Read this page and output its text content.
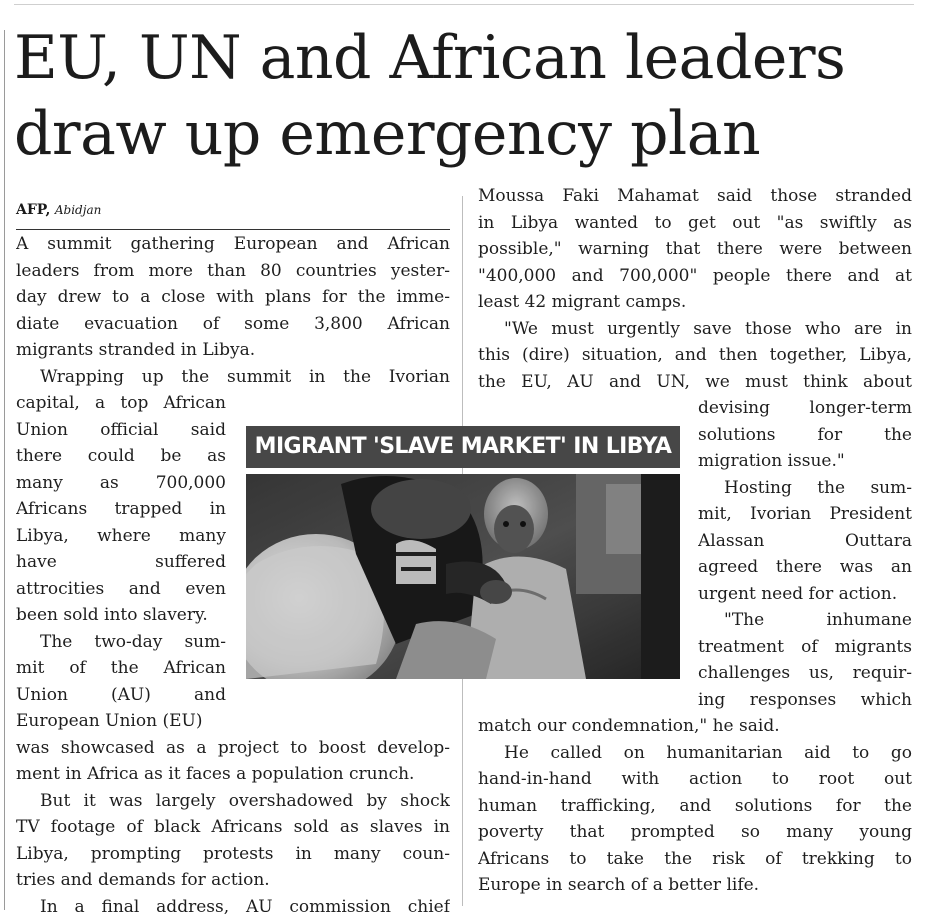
EU, UN and African leaders
draw up emergency plan
AFP, Abidjan
MIGRANT 'SLAVE MARKET' IN LIBYA
A summit gathering European and African
leaders from more than 80 countries yester-
day drew to a close with plans for the imme-
diate evacuation of some 3,800 African
migrants stranded in Libya.
Wrapping up the summit in the Ivorian
capital, a top African
Union official said
there could be as
many as 700,000
Africans trapped in
Libya, where many
have suffered
attrocities and even
been sold into slavery.
The two-day sum-
mit of the African
Union (AU) and
European Union (EU)
was showcased as a project to boost develop-
ment in Africa as it faces a population crunch.
But it was largely overshadowed by shock
TV footage of black Africans sold as slaves in
Libya, prompting protests in many coun-
tries and demands for action.
In a final address, AU commission chief
Moussa Faki Mahamat said those stranded
in Libya wanted to get out "as swiftly as
possible," warning that there were between
"400,000 and 700,000" people there and at
least 42 migrant camps.
"We must urgently save those who are in
this (dire) situation, and then together, Libya,
the EU, AU and UN, we must think about
devising longer-term
solutions for the
migration issue."
Hosting the sum-
mit, Ivorian President
Alassan Outtara
agreed there was an
urgent need for action.
"The inhumane
treatment of migrants
challenges us, requir-
ing responses which
match our condemnation," he said.
He called on humanitarian aid to go
hand-in-hand with action to root out
human trafficking, and solutions for the
poverty that prompted so many young
Africans to take the risk of trekking to
Europe in search of a better life.
